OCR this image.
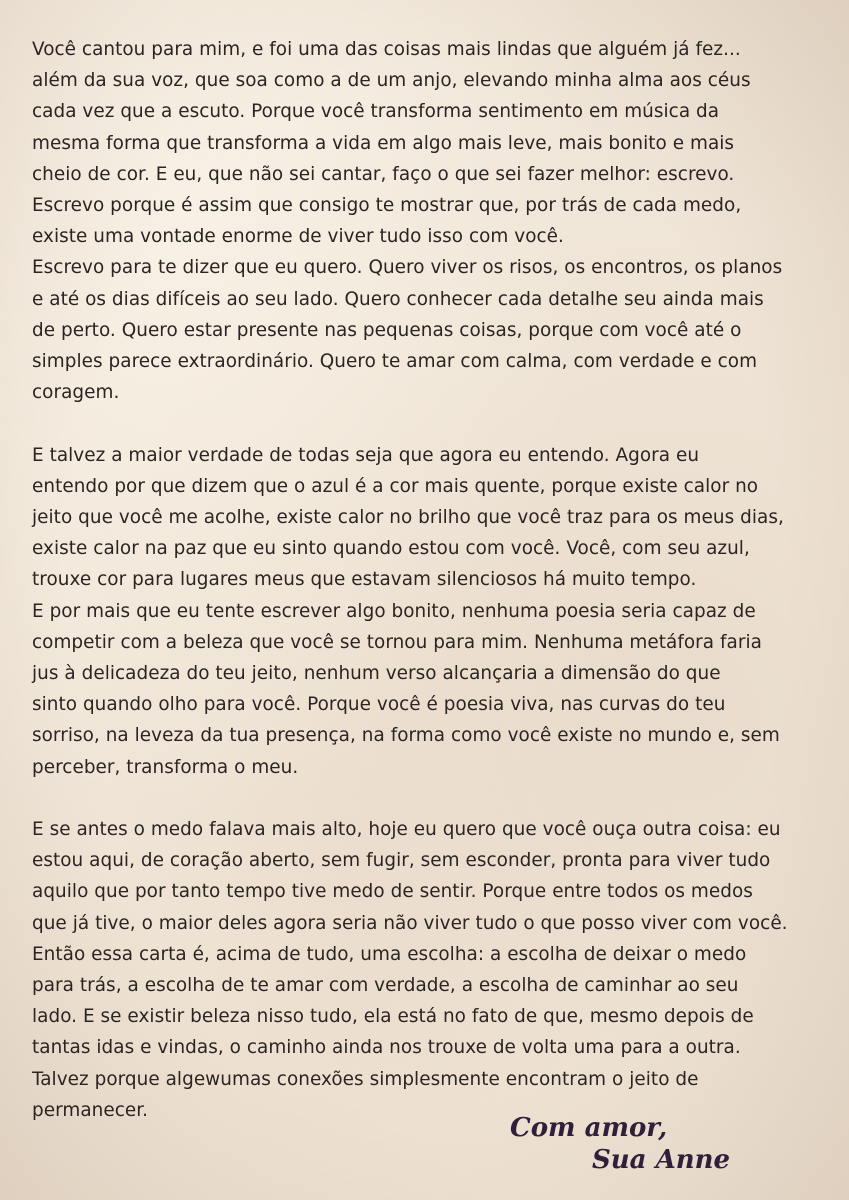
Você cantou para mim, e foi uma das coisas mais lindas que alguém já fez...
além da sua voz, que soa como a de um anjo, elevando minha alma aos céus
cada vez que a escuto. Porque você transforma sentimento em música da
mesma forma que transforma a vida em algo mais leve, mais bonito e mais
cheio de cor. E eu, que não sei cantar, faço o que sei fazer melhor: escrevo.
Escrevo porque é assim que consigo te mostrar que, por trás de cada medo,
existe uma vontade enorme de viver tudo isso com você.

Escrevo para te dizer que eu quero. Quero viver os risos, os encontros, os planos
e até os dias difíceis ao seu lado. Quero conhecer cada detalhe seu ainda mais
de perto. Quero estar presente nas pequenas coisas, porque com você até o
simples parece extraordinário. Quero te amar com calma, com verdade e com
coragem.

E talvez a maior verdade de todas seja que agora eu entendo. Agora eu
entendo por que dizem que o azul é a cor mais quente, porque existe calor no
jeito que você me acolhe, existe calor no brilho que você traz para os meus dias,
existe calor na paz que eu sinto quando estou com você. Você, com seu azul,
trouxe cor para lugares meus que estavam silenciosos há muito tempo.

E por mais que eu tente escrever algo bonito, nenhuma poesia seria capaz de
competir com a beleza que você se tornou para mim. Nenhuma metáfora faria
jus à delicadeza do teu jeito, nenhum verso alcançaria a dimensão do que
sinto quando olho para você. Porque você é poesia viva, nas curvas do teu
sorriso, na leveza da tua presença, na forma como você existe no mundo e, sem
perceber, transforma o meu.

E se antes o medo falava mais alto, hoje eu quero que você ouça outra coisa: eu
estou aqui, de coração aberto, sem fugir, sem esconder, pronta para viver tudo
aquilo que por tanto tempo tive medo de sentir. Porque entre todos os medos
que já tive, o maior deles agora seria não viver tudo o que posso viver com você.
Então essa carta é, acima de tudo, uma escolha: a escolha de deixar o medo
para trás, a escolha de te amar com verdade, a escolha de caminhar ao seu
lado. E se existir beleza nisso tudo, ela está no fato de que, mesmo depois de
tantas idas e vindas, o caminho ainda nos trouxe de volta uma para a outra.
Talvez porque algewumas conexões simplesmente encontram o jeito de
permanecer.

Com amor,
Sua Anne
